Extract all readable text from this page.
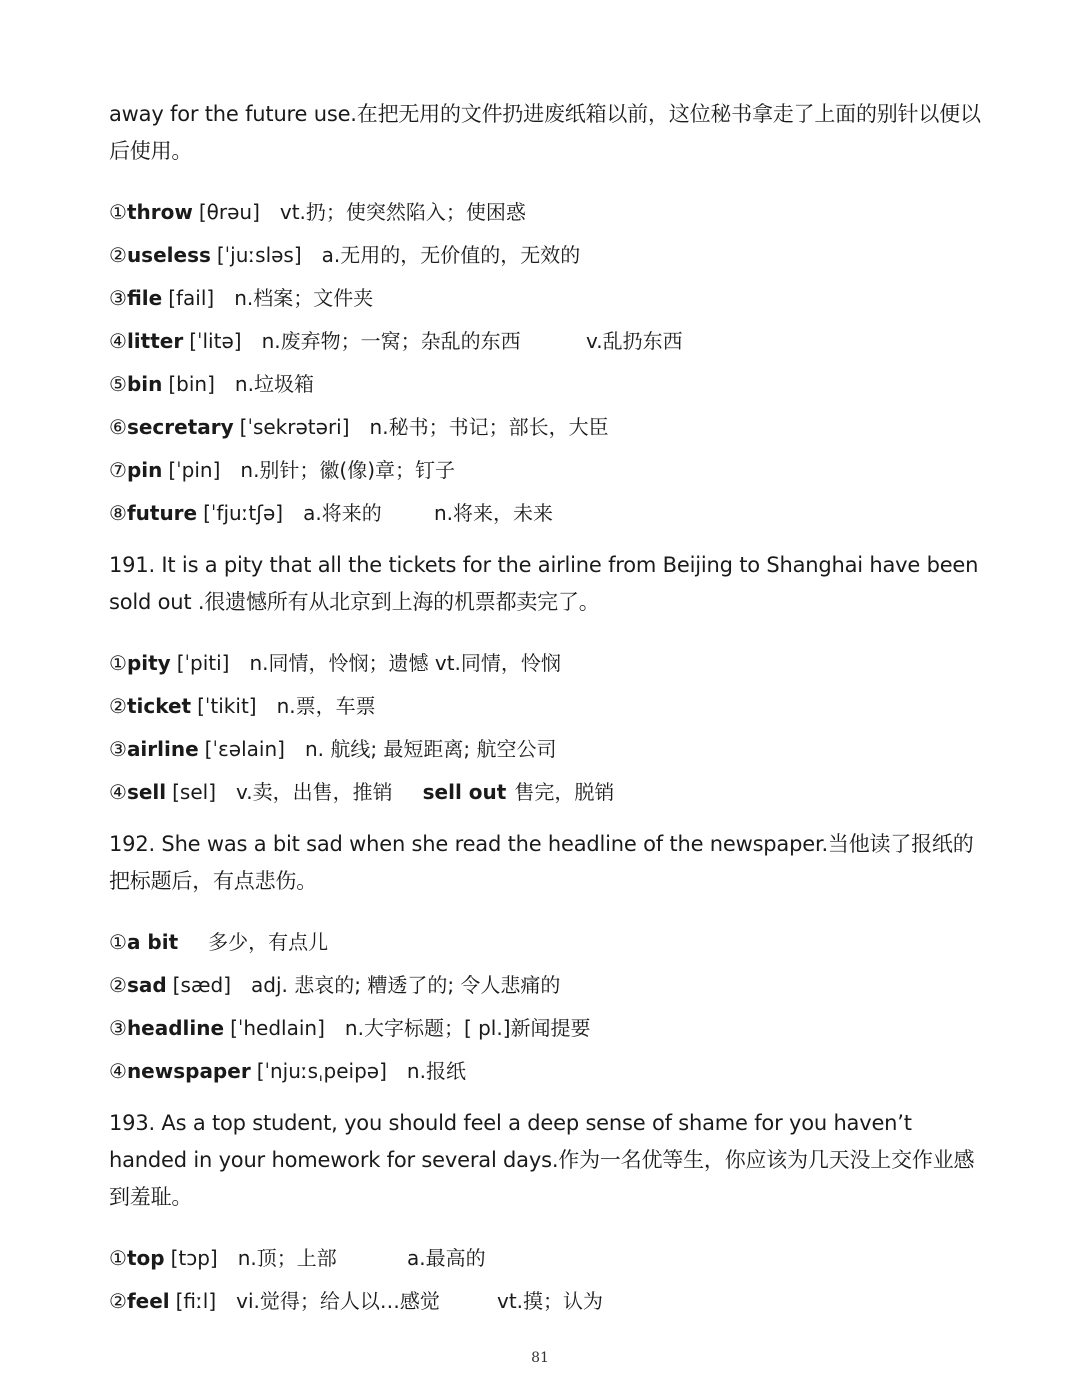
away for the future use.在把无用的文件扔进废纸箱以前，这位秘书拿走了上面的别针以便以后使用。

①throw [θrəu] vt.扔；使突然陷入；使困惑
②useless [ˈjuːsləs] a.无用的，无价值的，无效的
③file [fail] n.档案；文件夹
④litter [ˈlitə] n.废弃物；一窝；杂乱的东西	v.乱扔东西
⑤bin [bin] n.垃圾箱
⑥secretary [ˈsekrətəri] n.秘书；书记；部长，大臣
⑦pin [ˈpin] n.别针；徽(像)章；钉子
⑧future [ˈfjuːtʃə] a.将来的	n.将来，未来

191. It is a pity that all the tickets for the airline from Beijing to Shanghai have been sold out .很遗憾所有从北京到上海的机票都卖完了。

①pity [ˈpiti] n.同情，怜悯；遗憾 vt.同情，怜悯
②ticket [ˈtikit] n.票，车票
③airline [ˈɛəlain] n. 航线; 最短距离; 航空公司
④sell [sel] v.卖，出售，推销 sell out 售完，脱销

192. She was a bit sad when she read the headline of the newspaper.当他读了报纸的把标题后，有点悲伤。

①a bit 多少，有点儿
②sad [sæd] adj. 悲哀的; 糟透了的; 令人悲痛的
③headline [ˈhedlain] n.大字标题；[ pl.]新闻提要
④newspaper [ˈnjuːsˌpeipə] n.报纸

193. As a top student, you should feel a deep sense of shame for you haven’t handed in your homework for several days.作为一名优等生，你应该为几天没上交作业感到羞耻。

①top [tɔp] n.顶；上部	a.最高的
②feel [fiːl] vi.觉得；给人以…感觉	vt.摸；认为
81
